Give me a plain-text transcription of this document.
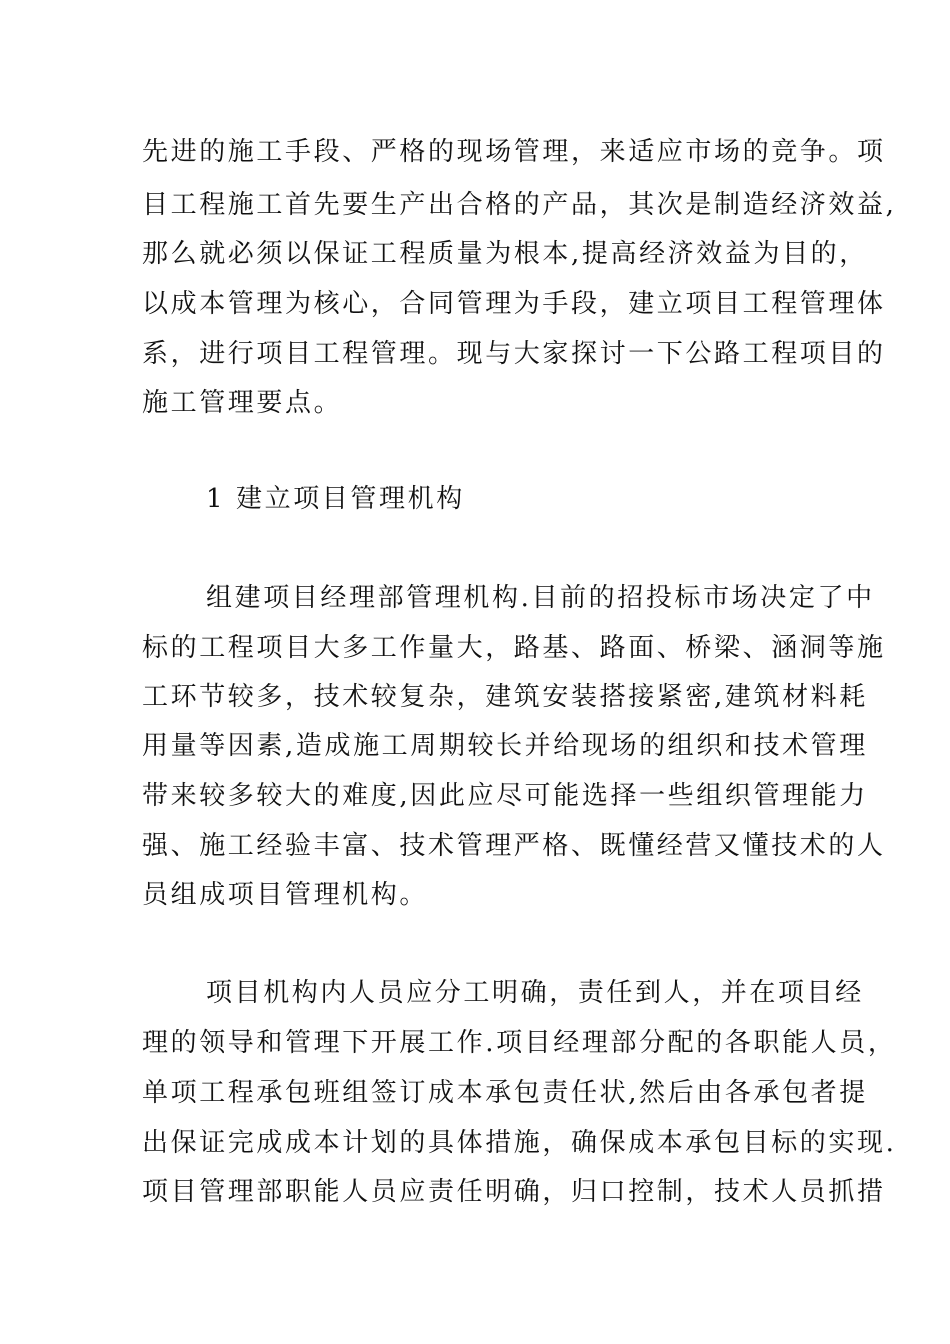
先进的施工手段、严格的现场管理，来适应市场的竞争。项
目工程施工首先要生产出合格的产品，其次是制造经济效益,
那么就必须以保证工程质量为根本,提高经济效益为目的，
以成本管理为核心，合同管理为手段，建立项目工程管理体
系，进行项目工程管理。现与大家探讨一下公路工程项目的
施工管理要点。
1 建立项目管理机构
组建项目经理部管理机构.目前的招投标市场决定了中
标的工程项目大多工作量大，路基、路面、桥梁、涵洞等施
工环节较多，技术较复杂，建筑安装搭接紧密,建筑材料耗
用量等因素,造成施工周期较长并给现场的组织和技术管理
带来较多较大的难度,因此应尽可能选择一些组织管理能力
强、施工经验丰富、技术管理严格、既懂经营又懂技术的人
员组成项目管理机构。
项目机构内人员应分工明确，责任到人，并在项目经
理的领导和管理下开展工作.项目经理部分配的各职能人员，
单项工程承包班组签订成本承包责任状,然后由各承包者提
出保证完成成本计划的具体措施，确保成本承包目标的实现.
项目管理部职能人员应责任明确，归口控制，技术人员抓措
